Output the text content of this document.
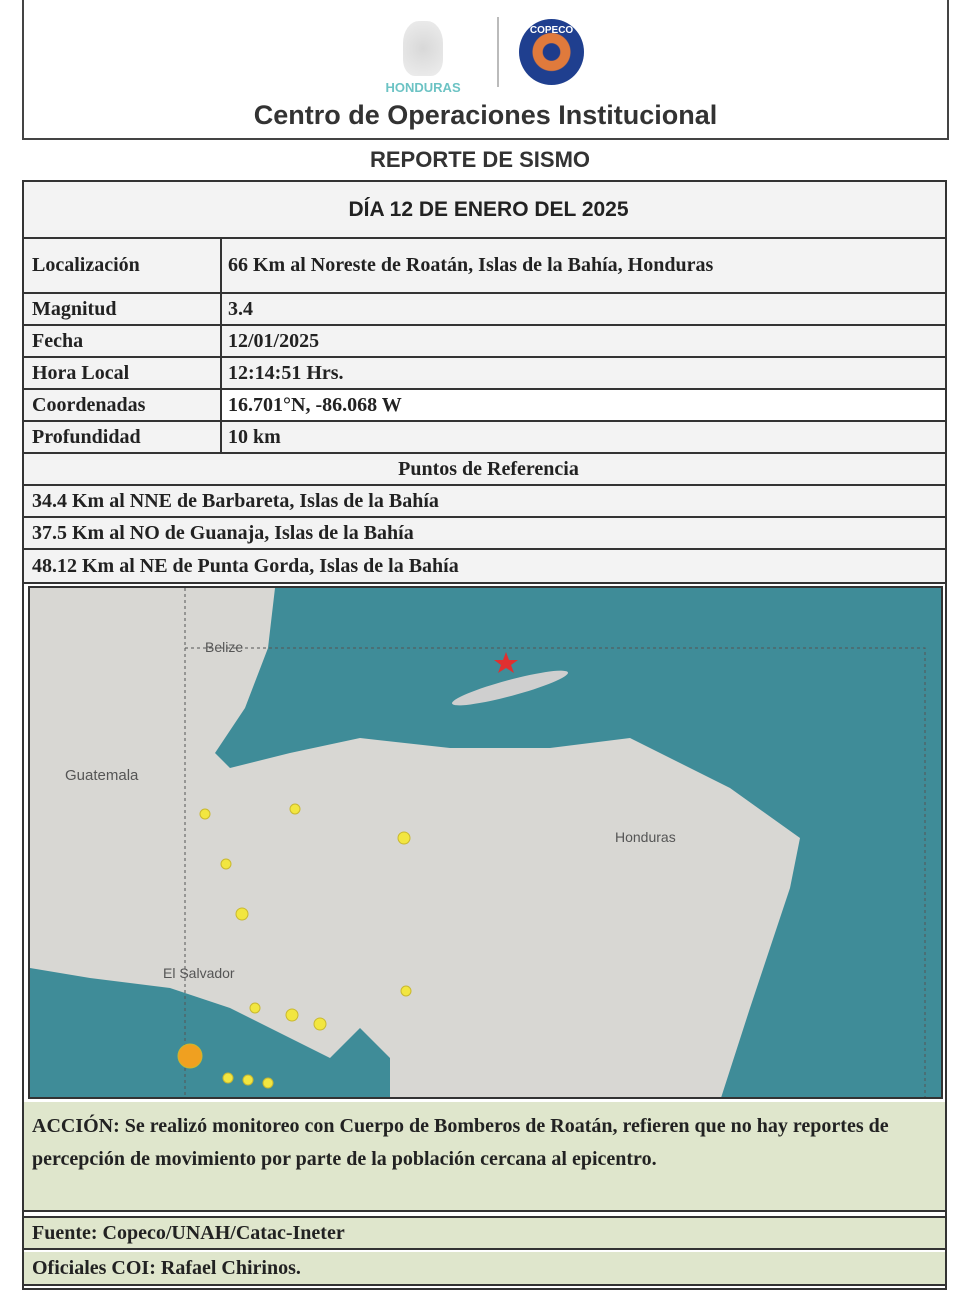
HONDURAS
COPECO
Centro de Operaciones Institucional
REPORTE DE SISMO
DÍA 12 DE ENERO DEL 2025
Localización	66 Km al Noreste de Roatán, Islas de la Bahía, Honduras
Magnitud	3.4
Fecha	12/01/2025
Hora Local	12:14:51 Hrs.
Coordenadas	16.701°N, -86.068 W
Profundidad	10 km
Puntos de Referencia
34.4 Km al NNE de Barbareta, Islas de la Bahía
37.5 Km al NO de Guanaja, Islas de la Bahía
48.12 Km al NE de Punta Gorda, Islas de la Bahía
Belize
Guatemala
Honduras
El Salvador
ACCIÓN: Se realizó monitoreo con Cuerpo de Bomberos de Roatán, refieren que no hay reportes de percepción de movimiento por parte de la población cercana al epicentro.
Fuente: Copeco/UNAH/Catac-Ineter
Oficiales COI: Rafael Chirinos.
